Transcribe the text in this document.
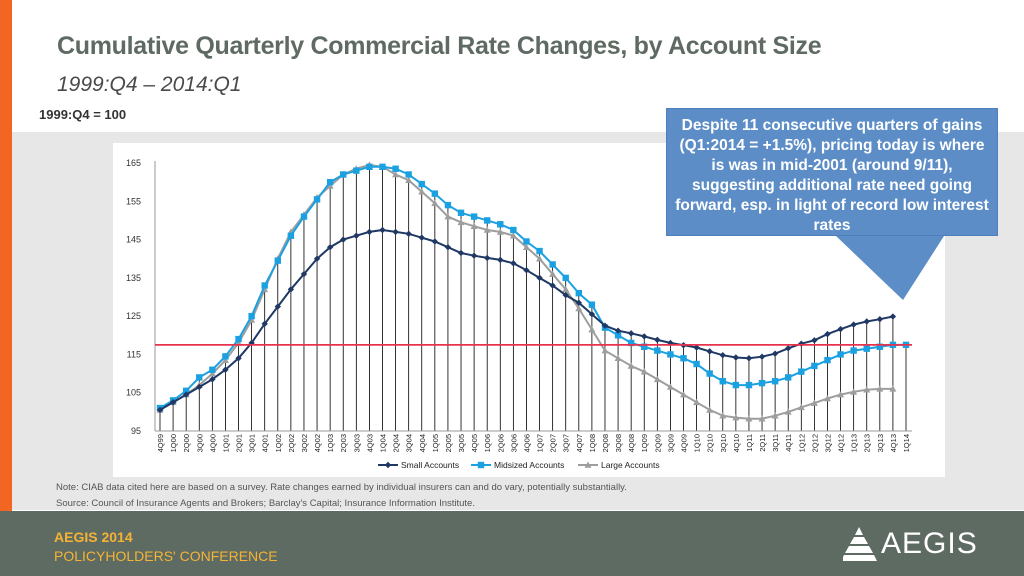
Cumulative Quarterly Commercial Rate Changes, by Account Size
1999:Q4 – 2014:Q1
1999:Q4 = 100
95
105
115
125
135
145
155
165
4Q99 1Q00 2Q00 3Q00 4Q00 1Q01 2Q01 3Q01 4Q01 1Q02 2Q02 3Q02 4Q02 1Q03 2Q03 3Q03 4Q03 1Q04 2Q04 3Q04 4Q04 1Q05 2Q05 3Q05 4Q05 1Q06 2Q06 3Q06 4Q06 1Q07 2Q07 3Q07 4Q07 1Q08 2Q08 3Q08 4Q08 1Q09 2Q09 3Q09 4Q09 1Q10 2Q10 3Q10 4Q10 1Q11 2Q11 3Q11 4Q11 1Q12 2Q12 3Q12 4Q12 1Q13 2Q13 3Q13 4Q13 1Q14
Small Accounts	Midsized Accounts	Large Accounts
Despite 11 consecutive quarters of gains (Q1:2014 = +1.5%), pricing today is where is was in mid-2001 (around 9/11), suggesting additional rate need going forward, esp. in light of record low interest rates
Note: CIAB data cited here are based on a survey. Rate changes earned by individual insurers can and do vary, potentially substantially.
Source: Council of Insurance Agents and Brokers; Barclay's Capital; Insurance Information Institute.
AEGIS 2014
POLICYHOLDERS' CONFERENCE	AEGIS
